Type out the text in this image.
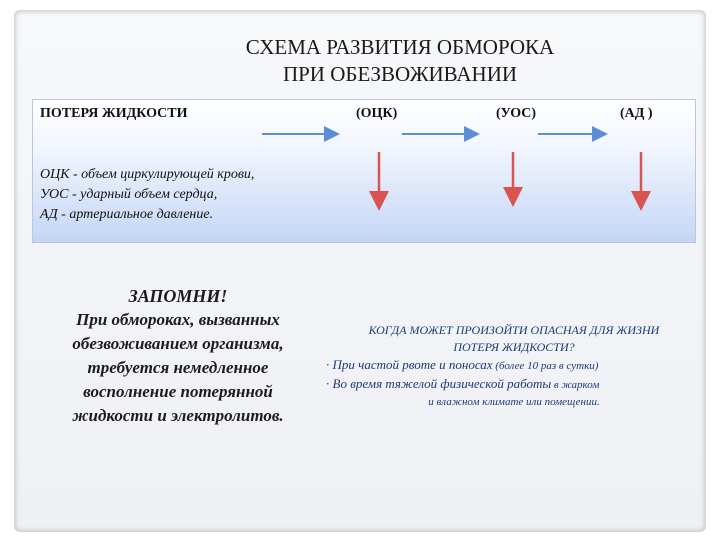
СХЕМА РАЗВИТИЯ ОБМОРОКА
ПРИ ОБЕЗВОЖИВАНИИ
ПОТЕРЯ ЖИДКОСТИ	(ОЦК)	(УОС)	(АД )
ОЦК - объем циркулирующей крови,
УОС - ударный объем сердца,
АД - артериальное давление.
ЗАПОМНИ!
При обмороках, вызванных
обезвоживанием организма,
требуется немедленное
восполнение потерянной
жидкости и электролитов.
КОГДА МОЖЕТ ПРОИЗОЙТИ ОПАСНАЯ ДЛЯ ЖИЗНИ
ПОТЕРЯ ЖИДКОСТИ?
· При частой рвоте и поносах (более 10 раз в сутки)
· Во время тяжелой физической работы в жарком
и влажном климате или помещении.
